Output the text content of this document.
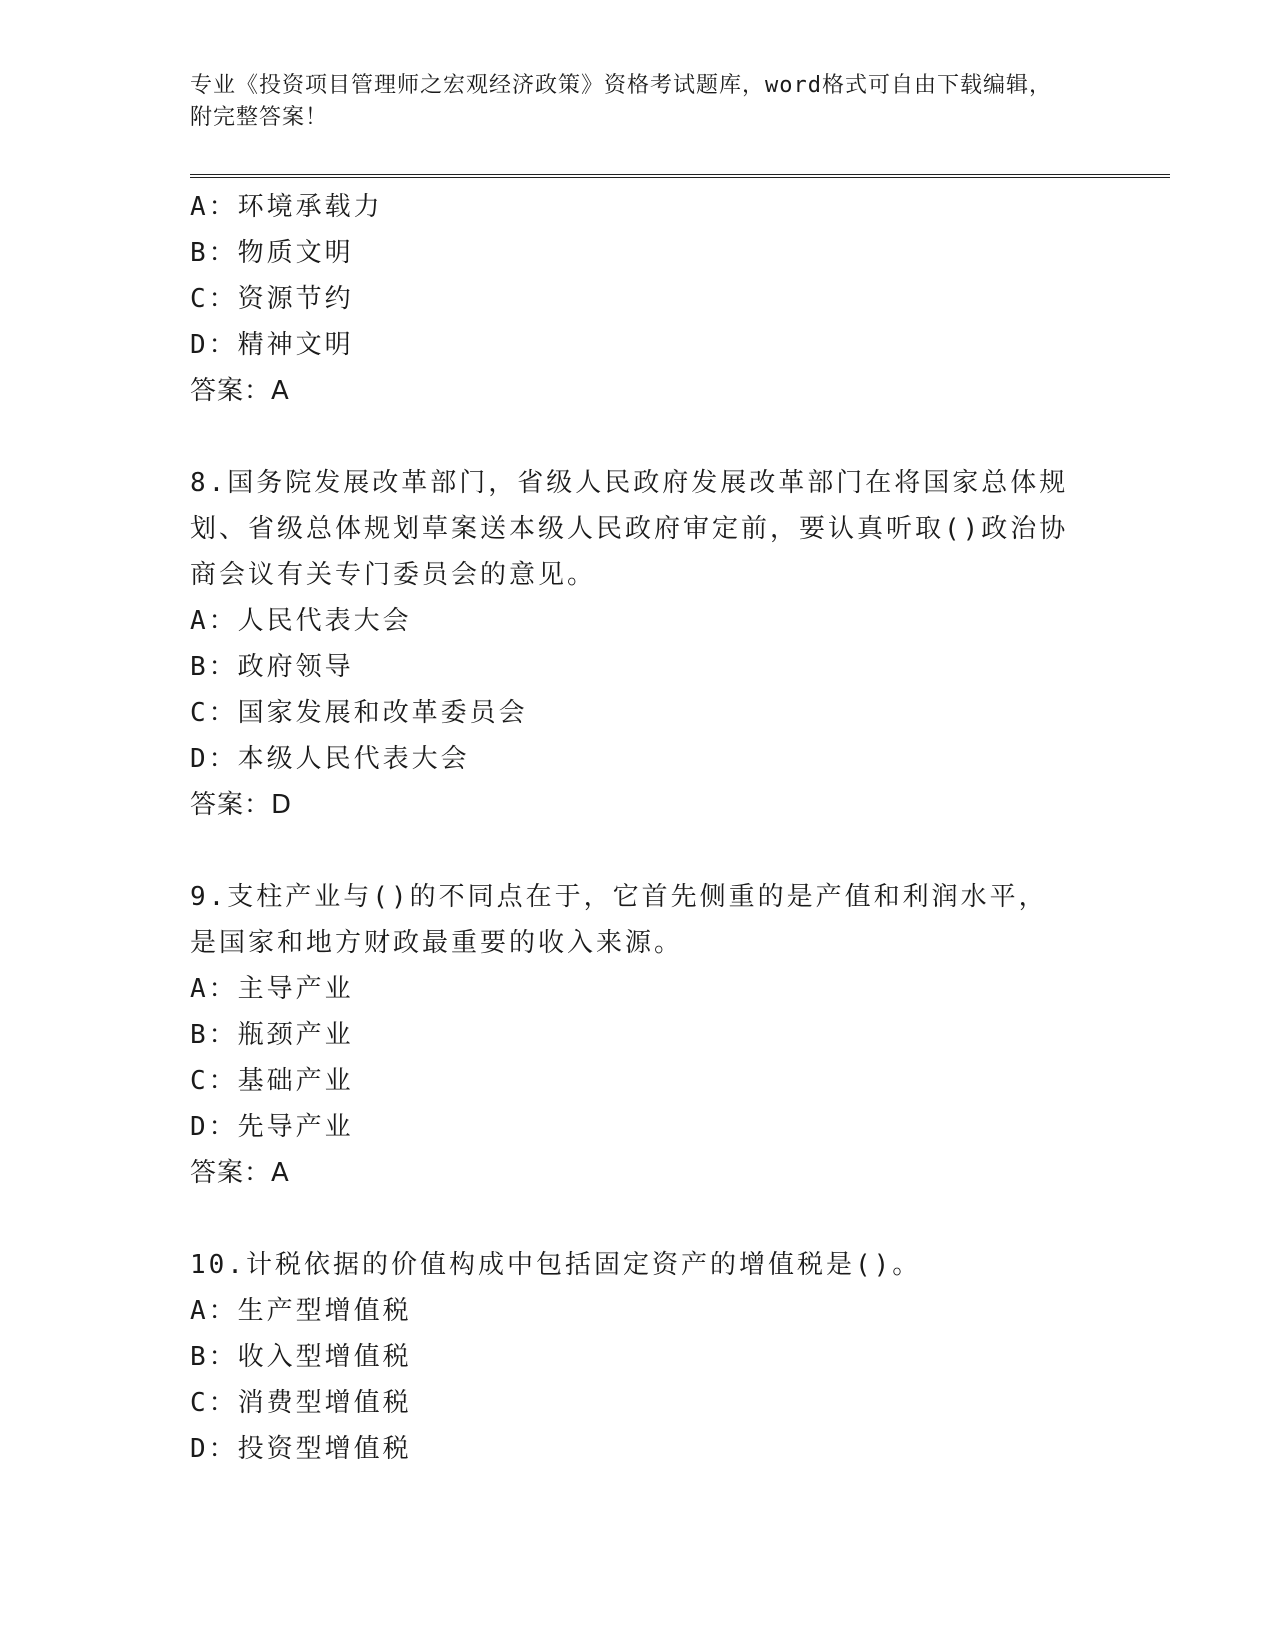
专业《投资项目管理师之宏观经济政策》资格考试题库，word格式可自由下载编辑，附完整答案！

A：环境承载力
B：物质文明
C：资源节约
D：精神文明
答案：A
8.国务院发展改革部门，省级人民政府发展改革部门在将国家总体规划、省级总体规划草案送本级人民政府审定前，要认真听取()政治协商会议有关专门委员会的意见。
A：人民代表大会
B：政府领导
C：国家发展和改革委员会
D：本级人民代表大会
答案：D
9.支柱产业与()的不同点在于，它首先侧重的是产值和利润水平，是国家和地方财政最重要的收入来源。
A：主导产业
B：瓶颈产业
C：基础产业
D：先导产业
答案：A
10.计税依据的价值构成中包括固定资产的增值税是()。
A：生产型增值税
B：收入型增值税
C：消费型增值税
D：投资型增值税
